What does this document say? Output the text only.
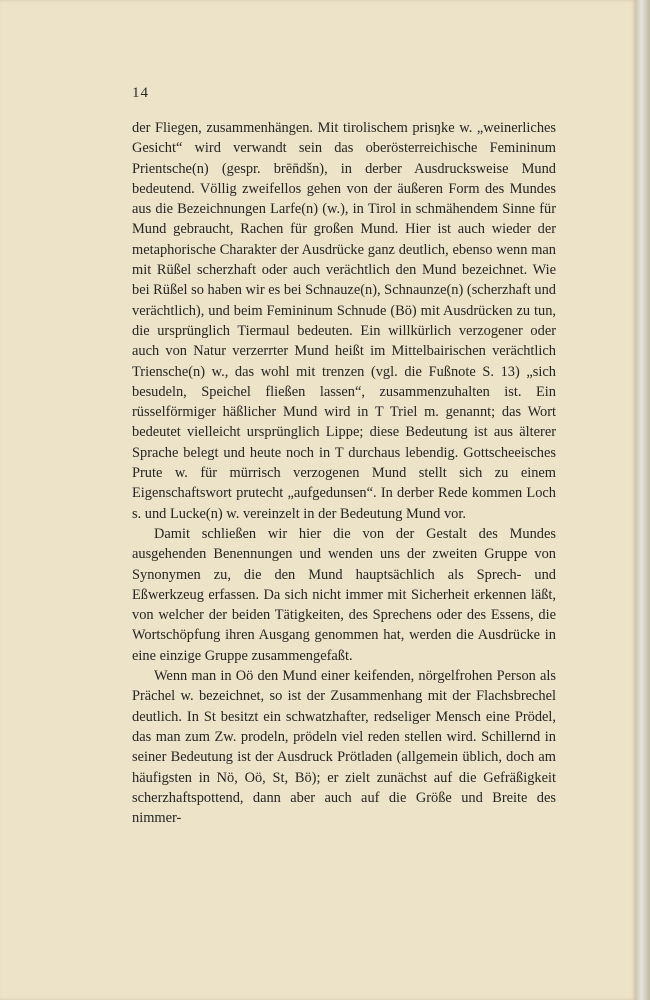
14

der Fliegen, zusammenhängen. Mit tirolischem prisŋke w. „weinerliches Gesicht“ wird verwandt sein das oberösterreichische Femininum Prientsche(n) (gespr. brēn̄dšn), in derber Ausdrucksweise Mund bedeutend. Völlig zweifellos gehen von der äußeren Form des Mundes aus die Bezeichnungen Larfe(n) (w.), in Tirol in schmähendem Sinne für Mund gebraucht, Rachen für großen Mund. Hier ist auch wieder der metaphorische Charakter der Ausdrücke ganz deutlich, ebenso wenn man mit Rüßel scherzhaft oder auch verächtlich den Mund bezeichnet. Wie bei Rüßel so haben wir es bei Schnauze(n), Schnaunze(n) (scherzhaft und verächtlich), und beim Femininum Schnude (Bö) mit Ausdrücken zu tun, die ursprünglich Tiermaul bedeuten. Ein willkürlich verzogener oder auch von Natur verzerrter Mund heißt im Mittelbairischen verächtlich Triensche(n) w., das wohl mit trenzen (vgl. die Fußnote S. 13) „sich besudeln, Speichel fließen lassen“, zusammenzuhalten ist. Ein rüsselförmiger häßlicher Mund wird in T Triel m. genannt; das Wort bedeutet vielleicht ursprünglich Lippe; diese Bedeutung ist aus älterer Sprache belegt und heute noch in T durchaus lebendig. Gottscheeisches Prute w. für mürrisch verzogenen Mund stellt sich zu einem Eigenschaftswort prutecht „aufgedunsen“. In derber Rede kommen Loch s. und Lucke(n) w. vereinzelt in der Bedeutung Mund vor.

Damit schließen wir hier die von der Gestalt des Mundes ausgehenden Benennungen und wenden uns der zweiten Gruppe von Synonymen zu, die den Mund hauptsächlich als Sprech- und Eßwerkzeug erfassen. Da sich nicht immer mit Sicherheit erkennen läßt, von welcher der beiden Tätigkeiten, des Sprechens oder des Essens, die Wortschöpfung ihren Ausgang genommen hat, werden die Ausdrücke in eine einzige Gruppe zusammengefaßt.

Wenn man in Oö den Mund einer keifenden, nörgelfrohen Person als Prächel w. bezeichnet, so ist der Zusammenhang mit der Flachsbrechel deutlich. In St besitzt ein schwatzhafter, redseliger Mensch eine Prödel, das man zum Zw. prodeln, prödeln viel reden stellen wird. Schillernd in seiner Bedeutung ist der Ausdruck Prötladen (allgemein üblich, doch am häufigsten in Nö, Oö, St, Bö); er zielt zunächst auf die Gefräßigkeit scherzhaftspottend, dann aber auch auf die Größe und Breite des nimmer-
